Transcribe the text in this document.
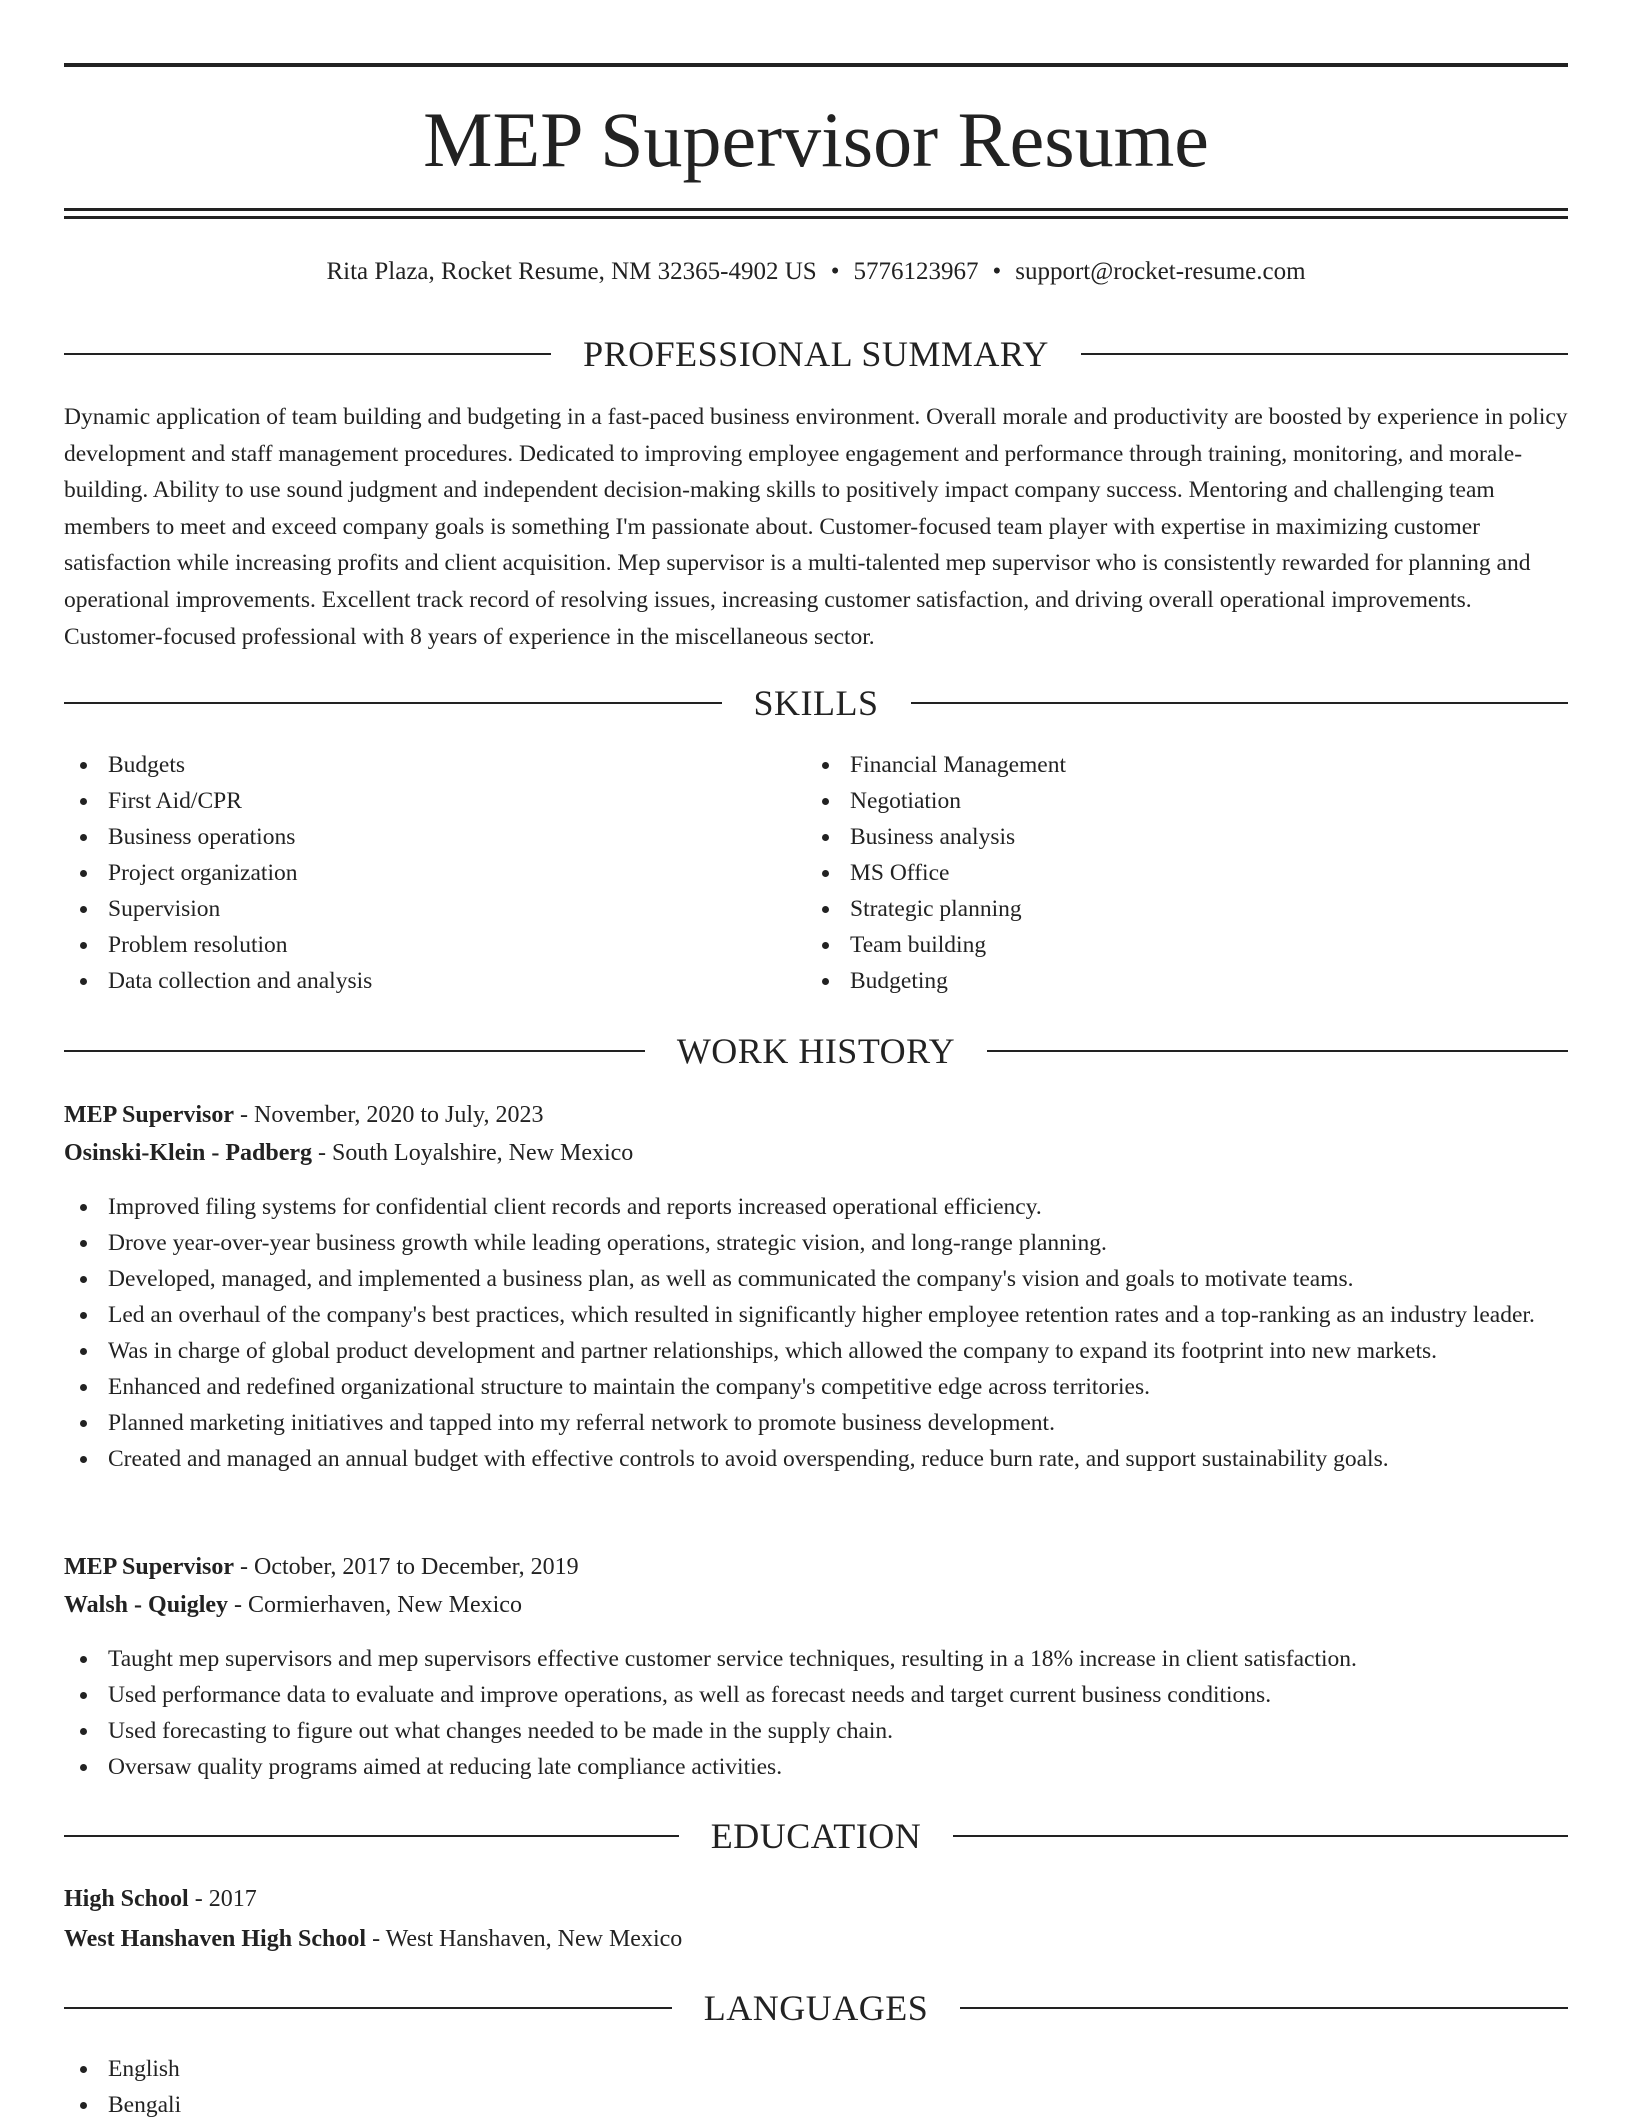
MEP Supervisor Resume
Rita Plaza, Rocket Resume, NM 32365-4902 US • 5776123967 • support@rocket-resume.com
PROFESSIONAL SUMMARY

Dynamic application of team building and budgeting in a fast-paced business environment. Overall morale and productivity are boosted by experience in policy development and staff management procedures. Dedicated to improving employee engagement and performance through training, monitoring, and morale-building. Ability to use sound judgment and independent decision-making skills to positively impact company success. Mentoring and challenging team members to meet and exceed company goals is something I'm passionate about. Customer-focused team player with expertise in maximizing customer satisfaction while increasing profits and client acquisition. Mep supervisor is a multi-talented mep supervisor who is consistently rewarded for planning and operational improvements. Excellent track record of resolving issues, increasing customer satisfaction, and driving overall operational improvements. Customer-focused professional with 8 years of experience in the miscellaneous sector.

SKILLS
Budgets
First Aid/CPR
Business operations
Project organization
Supervision
Problem resolution
Data collection and analysis
Financial Management
Negotiation
Business analysis
MS Office
Strategic planning
Team building
Budgeting
WORK HISTORY
MEP Supervisor - November, 2020 to July, 2023
Osinski-Klein - Padberg - South Loyalshire, New Mexico
Improved filing systems for confidential client records and reports increased operational efficiency.
Drove year-over-year business growth while leading operations, strategic vision, and long-range planning.
Developed, managed, and implemented a business plan, as well as communicated the company's vision and goals to motivate teams.
Led an overhaul of the company's best practices, which resulted in significantly higher employee retention rates and a top-ranking as an industry leader.
Was in charge of global product development and partner relationships, which allowed the company to expand its footprint into new markets.
Enhanced and redefined organizational structure to maintain the company's competitive edge across territories.
Planned marketing initiatives and tapped into my referral network to promote business development.
Created and managed an annual budget with effective controls to avoid overspending, reduce burn rate, and support sustainability goals.
MEP Supervisor - October, 2017 to December, 2019
Walsh - Quigley - Cormierhaven, New Mexico
Taught mep supervisors and mep supervisors effective customer service techniques, resulting in a 18% increase in client satisfaction.
Used performance data to evaluate and improve operations, as well as forecast needs and target current business conditions.
Used forecasting to figure out what changes needed to be made in the supply chain.
Oversaw quality programs aimed at reducing late compliance activities.
EDUCATION
High School - 2017
West Hanshaven High School - West Hanshaven, New Mexico
LANGUAGES
English
Bengali
